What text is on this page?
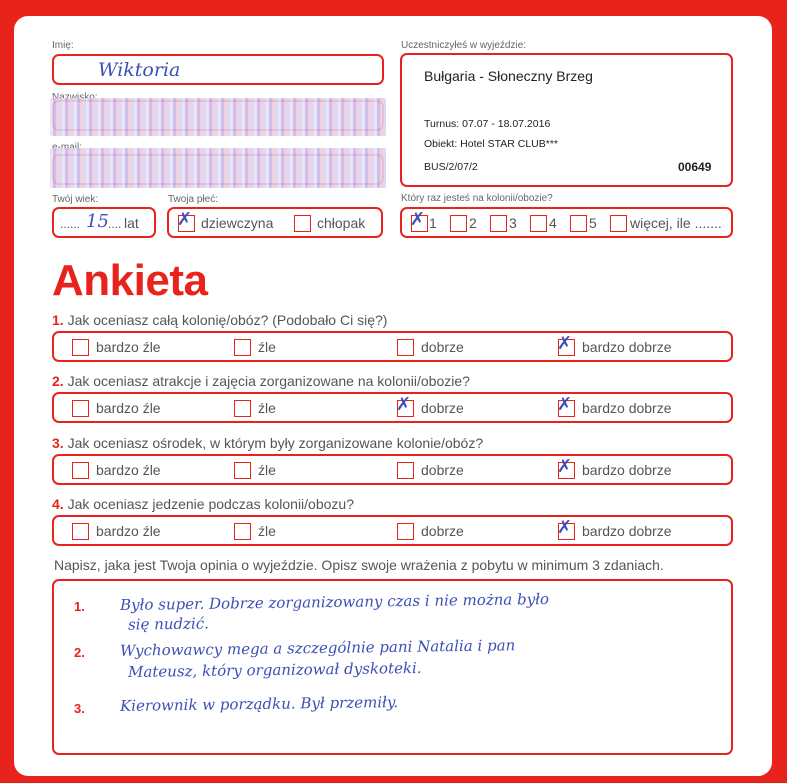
Imię:
Wiktoria
Twój wiek:
...... 15 .... lat
Twoja płeć:
✗ dziewczyna	chłopak
Uczestniczyłeś w wyjeździe:
Bułgaria - Słoneczny Brzeg
Turnus: 07.07 - 18.07.2016
Obiekt: Hotel STAR CLUB***
BUS/2/07/2	00649
Który raz jesteś na kolonii/obozie?
✗ 1 2 3 4 5 więcej, ile .......
Ankieta
1. Jak oceniasz całą kolonię/obóz? (Podobało Ci się?)
bardzo źle	źle	dobrze	✗ bardzo dobrze
2. Jak oceniasz atrakcje i zajęcia zorganizowane na kolonii/obozie?
bardzo źle	źle	✗ dobrze	✗ bardzo dobrze
3. Jak oceniasz ośrodek, w którym były zorganizowane kolonie/obóz?
bardzo źle	źle	dobrze	✗ bardzo dobrze
4. Jak oceniasz jedzenie podczas kolonii/obozu?
bardzo źle	źle	dobrze	✗ bardzo dobrze
Napisz, jaka jest Twoja opinia o wyjeździe. Opisz swoje wrażenia z pobytu w minimum 3 zdaniach.
1. Było super. Dobrze zorganizowany czas i nie można było
się nudzić.
2. Wychowawcy mega a szczególnie pani Natalia i pan
Mateusz, który organizował dyskoteki.
3. Kierownik w porządku. Był przemiły.
